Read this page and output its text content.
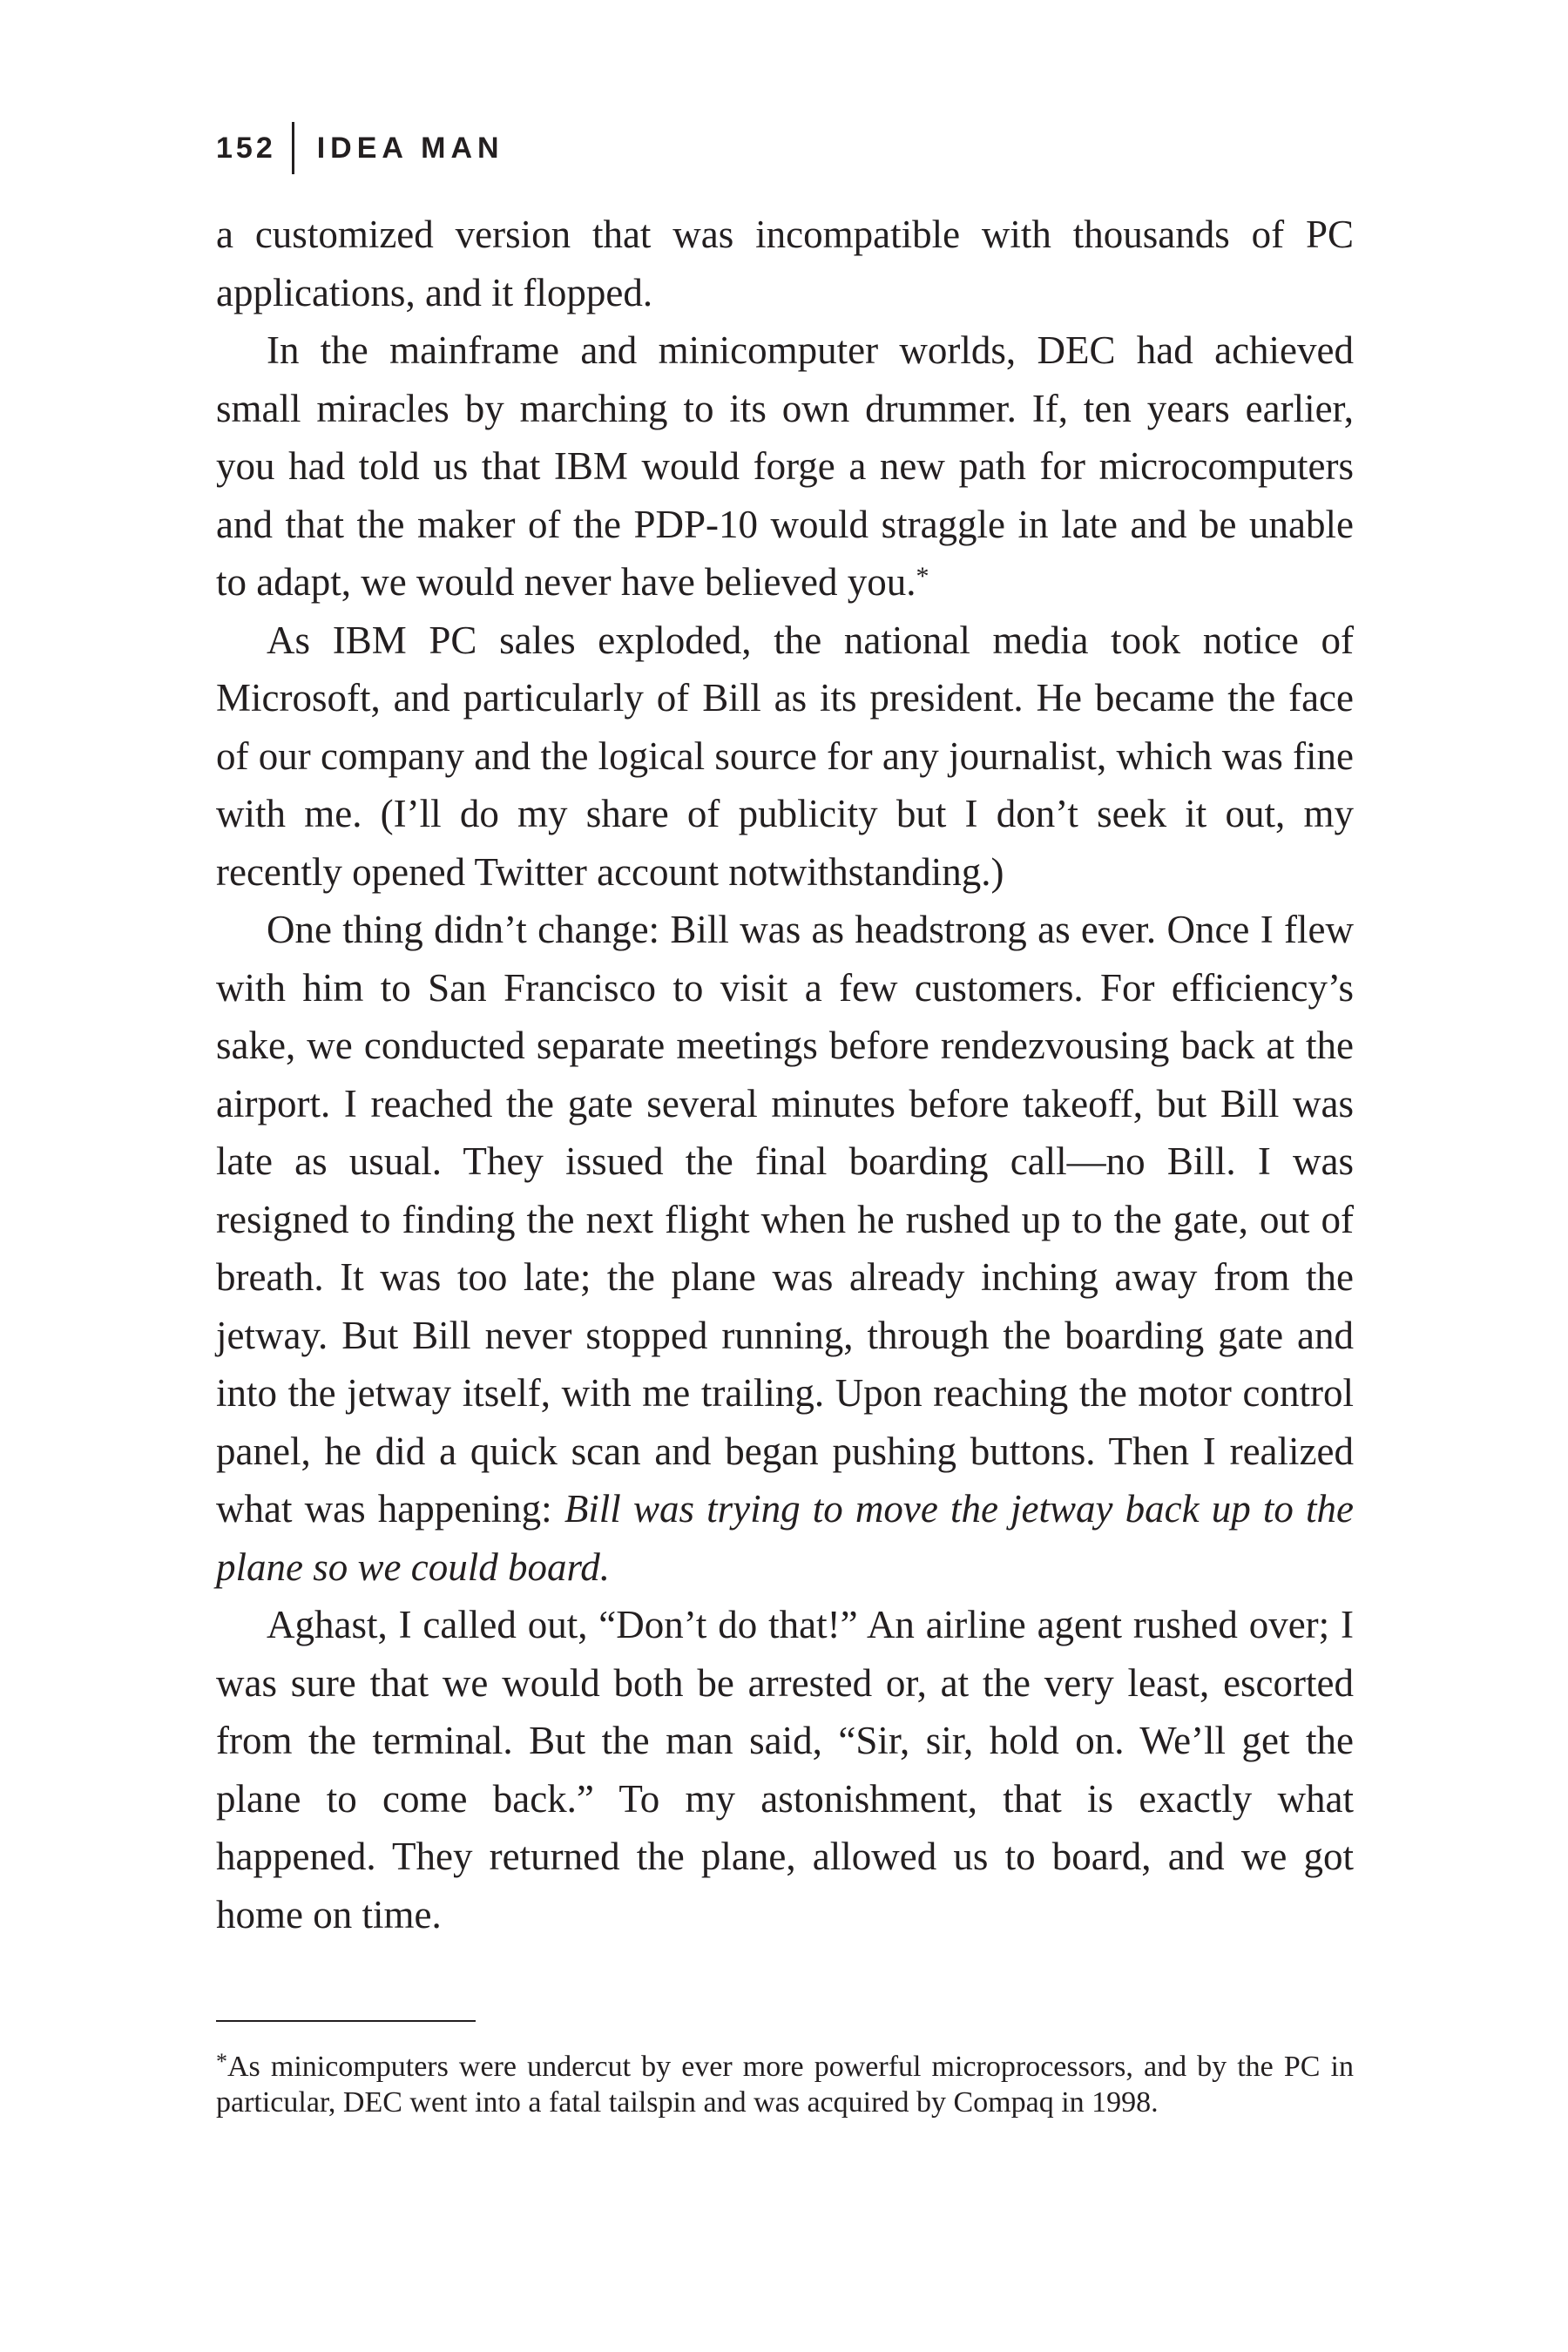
152 IDEA MAN

a customized version that was incompatible with thousands of PC applications, and it flopped.

In the mainframe and minicomputer worlds, DEC had achieved small miracles by marching to its own drummer. If, ten years earlier, you had told us that IBM would forge a new path for microcomputers and that the maker of the PDP-10 would straggle in late and be unable to adapt, we would never have believed you.*

As IBM PC sales exploded, the national media took notice of Microsoft, and particularly of Bill as its president. He became the face of our company and the logical source for any journalist, which was fine with me. (I’ll do my share of publicity but I don’t seek it out, my recently opened Twitter account notwithstanding.)

One thing didn’t change: Bill was as headstrong as ever. Once I flew with him to San Francisco to visit a few customers. For efficiency’s sake, we conducted separate meetings before rendezvousing back at the airport. I reached the gate several minutes before takeoff, but Bill was late as usual. They issued the final boarding call—no Bill. I was resigned to finding the next flight when he rushed up to the gate, out of breath. It was too late; the plane was already inching away from the jetway. But Bill never stopped running, through the boarding gate and into the jetway itself, with me trailing. Upon reaching the motor control panel, he did a quick scan and began pushing buttons. Then I realized what was happening: Bill was trying to move the jetway back up to the plane so we could board.

Aghast, I called out, “Don’t do that!” An airline agent rushed over; I was sure that we would both be arrested or, at the very least, escorted from the terminal. But the man said, “Sir, sir, hold on. We’ll get the plane to come back.” To my astonishment, that is exactly what happened. They returned the plane, allowed us to board, and we got home on time.

*As minicomputers were undercut by ever more powerful microprocessors, and by the PC in particular, DEC went into a fatal tailspin and was acquired by Compaq in 1998.
